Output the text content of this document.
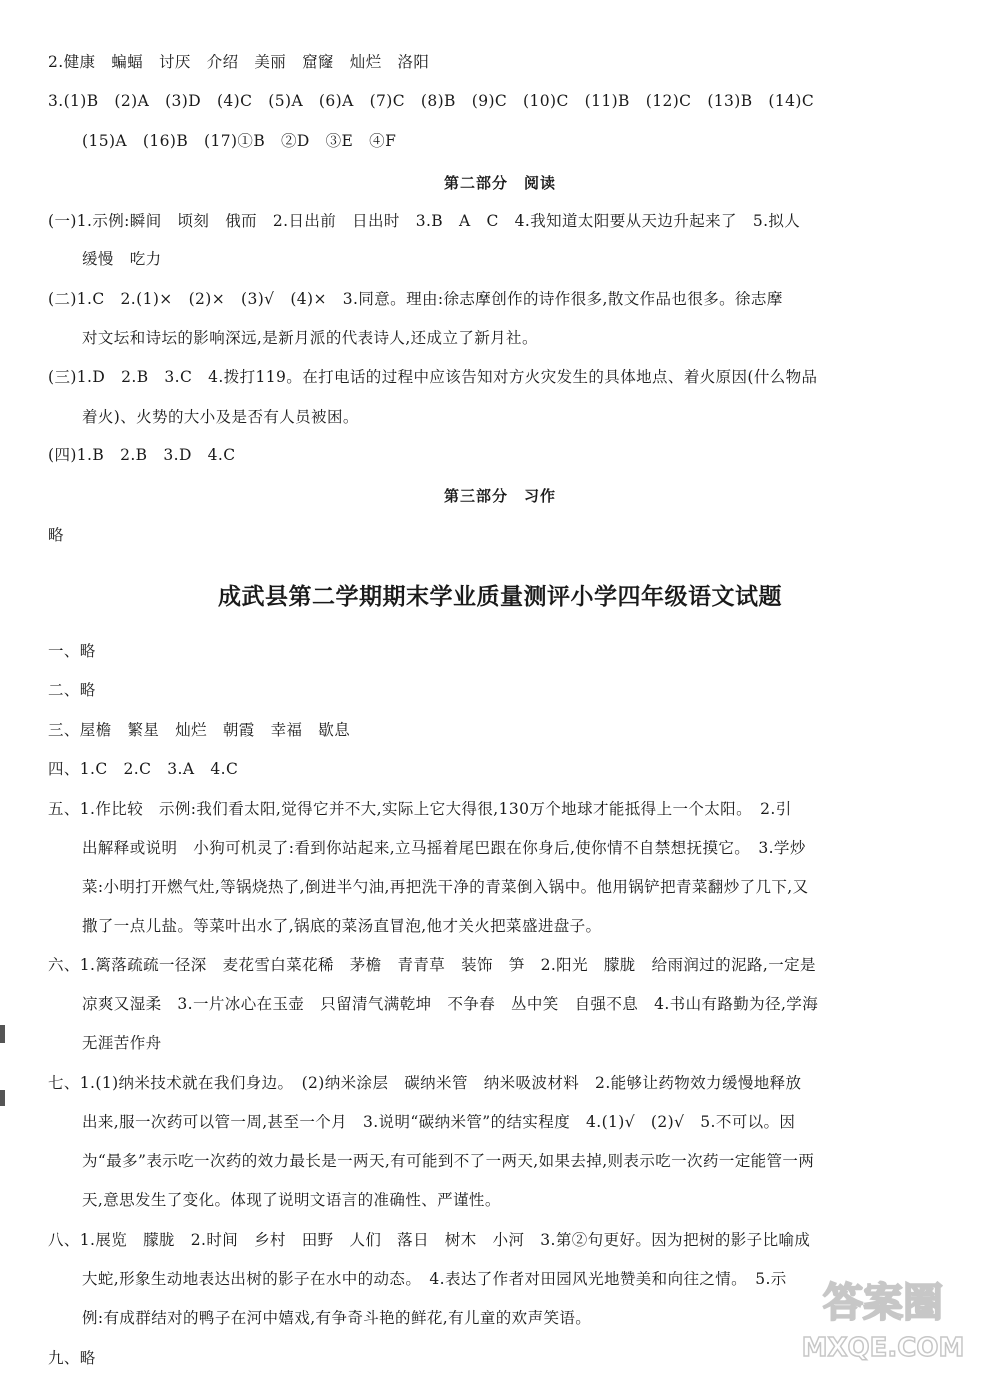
2.健康　蝙蝠　讨厌　介绍　美丽　窟窿　灿烂　洛阳
3.(1)B　(2)A　(3)D　(4)C　(5)A　(6)A　(7)C　(8)B　(9)C　(10)C　(11)B　(12)C　(13)B　(14)C
(15)A　(16)B　(17)①B　②D　③E　④F
第二部分　阅读
(一)1.示例:瞬间　顷刻　俄而　2.日出前　日出时　3.B　A　C　4.我知道太阳要从天边升起来了　5.拟人
缓慢　吃力
(二)1.C　2.(1)×　(2)×　(3)√　(4)×　3.同意。理由:徐志摩创作的诗作很多,散文作品也很多。徐志摩
对文坛和诗坛的影响深远,是新月派的代表诗人,还成立了新月社。
(三)1.D　2.B　3.C　4.拨打119。在打电话的过程中应该告知对方火灾发生的具体地点、着火原因(什么物品
着火)、火势的大小及是否有人员被困。
(四)1.B　2.B　3.D　4.C
第三部分　习作
略
成武县第二学期期末学业质量测评小学四年级语文试题
一、略
二、略
三、屋檐　繁星　灿烂　朝霞　幸福　歇息
四、1.C　2.C　3.A　4.C
五、1.作比较　示例:我们看太阳,觉得它并不大,实际上它大得很,130万个地球才能抵得上一个太阳。　2.引
出解释或说明　小狗可机灵了:看到你站起来,立马摇着尾巴跟在你身后,使你情不自禁想抚摸它。　3.学炒
菜:小明打开燃气灶,等锅烧热了,倒进半勺油,再把洗干净的青菜倒入锅中。他用锅铲把青菜翻炒了几下,又
撒了一点儿盐。等菜叶出水了,锅底的菜汤直冒泡,他才关火把菜盛进盘子。
六、1.篱落疏疏一径深　麦花雪白菜花稀　茅檐　青青草　装饰　笋　2.阳光　朦胧　给雨润过的泥路,一定是
凉爽又湿柔　3.一片冰心在玉壶　只留清气满乾坤　不争春　丛中笑　自强不息　4.书山有路勤为径,学海
无涯苦作舟
七、1.(1)纳米技术就在我们身边。　(2)纳米涂层　碳纳米管　纳米吸波材料　2.能够让药物效力缓慢地释放
出来,服一次药可以管一周,甚至一个月　3.说明“碳纳米管”的结实程度　4.(1)√　(2)√　5.不可以。因
为“最多”表示吃一次药的效力最长是一两天,有可能到不了一两天,如果去掉,则表示吃一次药一定能管一两
天,意思发生了变化。体现了说明文语言的准确性、严谨性。
八、1.展览　朦胧　2.时间　乡村　田野　人们　落日　树木　小河　3.第②句更好。因为把树的影子比喻成
大蛇,形象生动地表达出树的影子在水中的动态。　4.表达了作者对田园风光地赞美和向往之情。　5.示
例:有成群结对的鸭子在河中嬉戏,有争奇斗艳的鲜花,有儿童的欢声笑语。
九、略
答案圈
MXQE.COM
